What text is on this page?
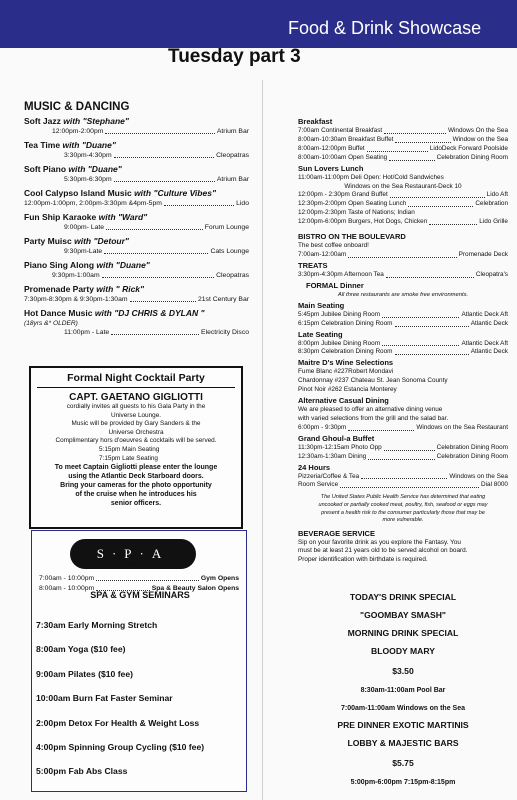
Food & Drink Showcase
Tuesday part 3
MUSIC & DANCING
Soft Jazz with "Stephane"
12:00pm-2:00pm	Atrium Bar
Tea Time with "Duane"
3:30pm-4:30pm	Cleopatras
Soft Piano with "Duane"
5:30pm-6:30pm	Atrium Bar
Cool Calypso Island Music with "Culture Vibes"
12:00pm-1:00pm, 2:00pm-3:30pm &4pm-5pm	Lido
Fun Ship Karaoke with "Ward"
9:00pm- Late	Forum Lounge
Party Muisc with "Detour"
9:30pm-Late	Cats Lounge
Piano Sing Along with "Duane"
9:30pm-1:00am	Cleopatras
Promenade Party with " Rick"
7:30pm-8:30pm & 9:30pm-1:30am	21st Century Bar
Hot Dance Music with "DJ CHRIS & DYLAN "
(18yrs &* OLDER)
11:00pm - Late	Electricity Disco
Formal Night Cocktail Party
CAPT. GAETANO GIGLIOTTI
cordially invites all guests to his Gala Party in the
Universe Lounge.
Music will be provided by Gary Sanders & the
Universe Orchestra
Complimentary hors d'oeuvres & cocktails will be served.
5:15pm Main Seating
7:15pm Late Seating
To meet Captain Gigliotti please enter the lounge
using the Atlantic Deck Starboard doors.
Bring your cameras for the photo opportunity
of the cruise when he introduces his
senior officers.
S·P·A
carnival
7:00am - 10:00pm	Gym Opens
8:00am - 10:00pm	Spa & Beauty Salon Opens
SPA & GYM SEMINARS
7:30am Early Morning Stretch
8:00am Yoga ($10 fee)
9:00am Pilates ($10 fee)
10:00am Burn Fat Faster Seminar
2:00pm Detox For Health & Weight Loss
4:00pm Spinning Group Cycling ($10 fee)
5:00pm Fab Abs Class
Breakfast
7:00am Continental Breakfast	Windows On the Sea
8:00am-10:30am Breakfast Buffet	Window on the Sea
8:00am-12:00pm Buffet	LidoDeck Forward Poolside
8:00am-10:00am Open Seating	Celebration Dining Room
Sun Lovers Lunch
11:00am-11:00pm Deli Open: Hot/Cold Sandwiches
Windows on the Sea Restaurant-Deck 10
12:00pm - 2:30pm Grand Buffet	Lido Aft
12:30pm-2:00pm Open Seating Lunch	Celebration
12:00pm-2:30pm Taste of Nations; Indian
12:00pm-6:00pm Burgers, Hot Dogs, Chicken	Lido Grille
BISTRO ON THE BOULEVARD
The best coffee onboard!
7:00am-12:00am	Promenade Deck
TREATS
3:30pm-4:30pm Afternoon Tea	Cleopatra's
FORMAL Dinner
All three restaurants are smoke free environments.
Main Seating
5:45pm Jubilee Dining Room	Atlantic Deck Aft
6:15pm Celebration Dining Room	Atlantic Deck
Late Seating
8:00pm Jubilee Dining Room	Atlantic Deck Aft
8:30pm Celebration Dining Room	Atlantic Deck
Maitre D's Wine Selections
Fume Blanc #227Robert Mondavi
Chardonnay #237 Chateau St. Jean Sonoma County
Pinot Noir #262 Estancia Monterey
Alternative Casual Dining
We are pleased to offer an alternative dining venue
with varied selections from the grill and the salad bar.
6:00pm - 9:30pm	Windows on the Sea Restaurant
Grand Ghoul-a Buffet
11:30pm-12:15am Photo Opp	Celebration Dining Room
12:30am-1:30am Dining	Celebration Dining Room
24 Hours
Pizzeria/Coffee & Tea	Windows on the Sea
Room Service	Dial 8000
The United States Public Health Service has determined that eating
uncooked or partially cooked meat, poultry, fish, seafood or eggs may
present a health risk to the consumer particularly those that may be
more vulnerable.
BEVERAGE SERVICE
Sip on your favorite drink as you explore the Fantasy. You
must be at least 21 years old to be served alcohol on board.
Proper identification with birthdate is required.
TODAY'S DRINK SPECIAL
"GOOMBAY SMASH"
MORNING DRINK SPECIAL
BLOODY MARY
$3.50
8:30am-11:00am Pool Bar
7:00am-11:00am Windows on the Sea
PRE DINNER EXOTIC MARTINIS
LOBBY & MAJESTIC BARS
$5.75
5:00pm-6:00pm 7:15pm-8:15pm
